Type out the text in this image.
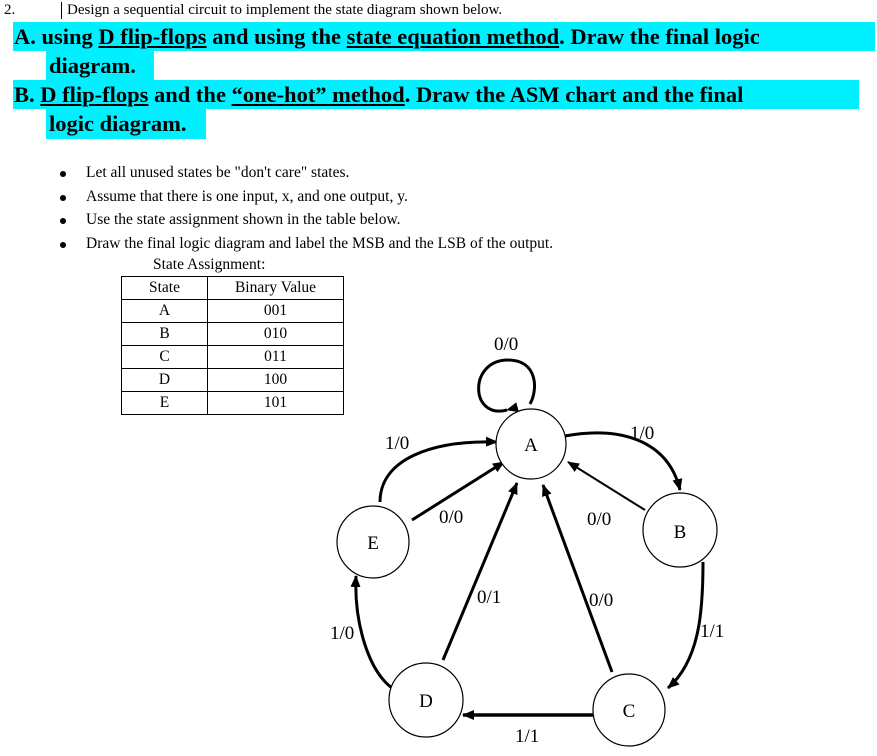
2.	Design a sequential circuit to implement the state diagram shown below.
A. using D flip-flops and using the state equation method. Draw the final logic
diagram.
B. D flip-flops and the “one-hot” method. Draw the ASM chart and the final
logic diagram.
Let all unused states be "don't care" states.
Assume that there is one input, x, and one output, y.
Use the state assignment shown in the table below.
Draw the final logic diagram and label the MSB and the LSB of the output.
State Assignment:
State	Binary Value
A	001
B	010
C	011
D	100
E	101
A
B
C
D
E
0/0
1/0
0/0
1/1
0/0
1/1
0/1
1/0
0/0
1/0
